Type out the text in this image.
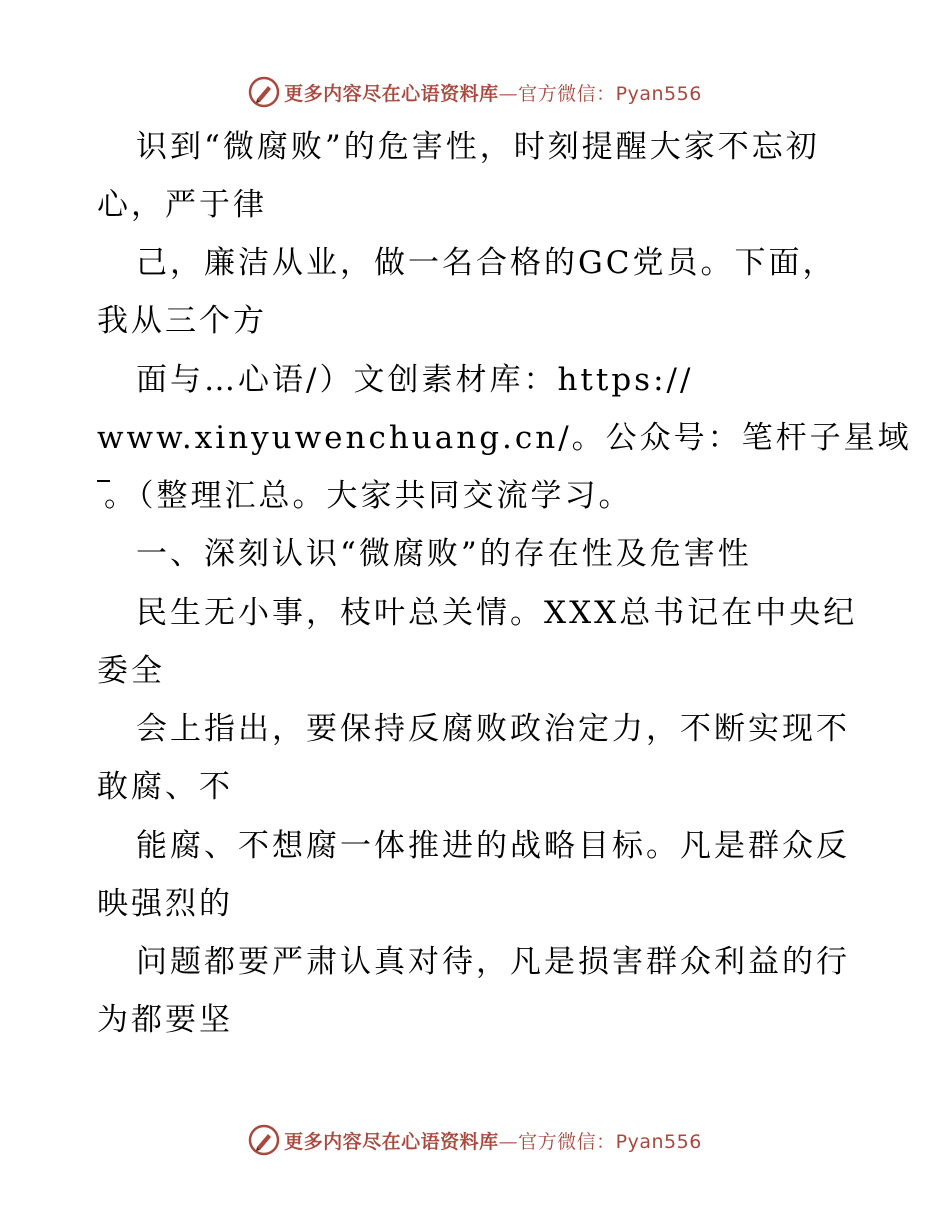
更多内容尽在心语资料库—官方微信：Pyan556
识到“微腐败”的危害性，时刻提醒大家不忘初
心，严于律
己，廉洁从业，做一名合格的GC党员。下面，
我从三个方
面与…心语/）文创素材库：https://
www.xinyuwenchuang.cn/。公众号：笔杆子星域
。（整理汇总。大家共同交流学习。
一、深刻认识“微腐败”的存在性及危害性
民生无小事，枝叶总关情。XXX总书记在中央纪
委全
会上指出，要保持反腐败政治定力，不断实现不
敢腐、不
能腐、不想腐一体推进的战略目标。凡是群众反
映强烈的
问题都要严肃认真对待，凡是损害群众利益的行
为都要坚
更多内容尽在心语资料库—官方微信：Pyan556
